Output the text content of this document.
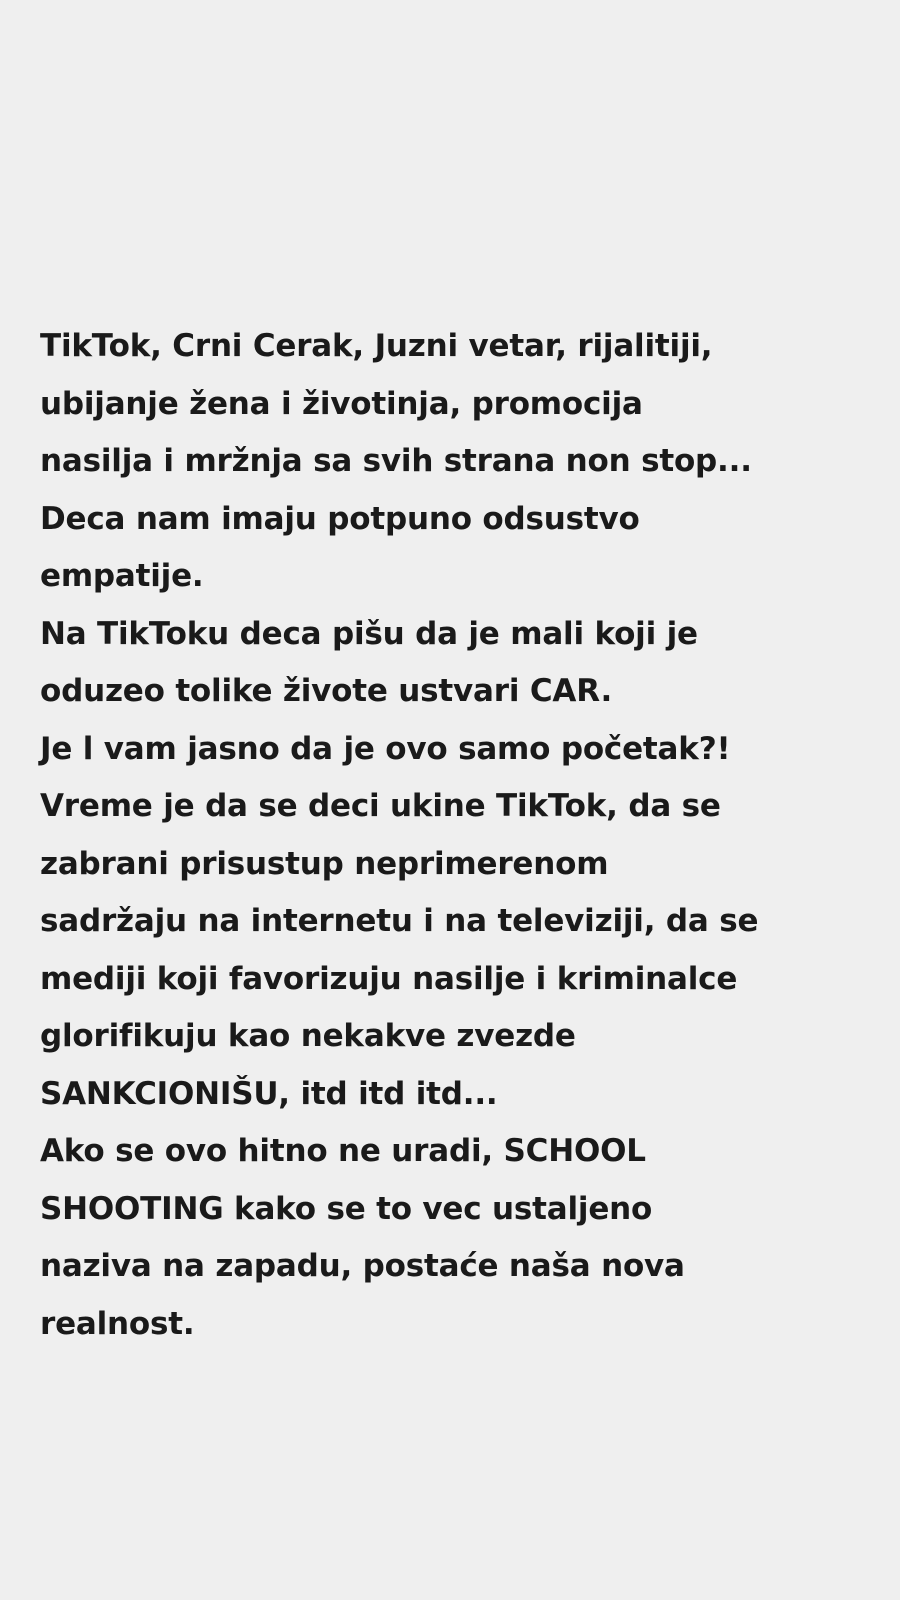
TikTok, Crni Cerak, Juzni vetar, rijalitiji,
ubijanje žena i životinja, promocija
nasilja i mržnja sa svih strana non stop...
Deca nam imaju potpuno odsustvo
empatije.
Na TikToku deca pišu da je mali koji je
oduzeo tolike živote ustvari CAR.
Je l vam jasno da je ovo samo početak?!
Vreme je da se deci ukine TikTok, da se
zabrani prisustup neprimerenom
sadržaju na internetu i na televiziji, da se
mediji koji favorizuju nasilje i kriminalce
glorifikuju kao nekakve zvezde
SANKCIONIŠU, itd itd itd...
Ako se ovo hitno ne uradi, SCHOOL
SHOOTING kako se to vec ustaljeno
naziva na zapadu, postaće naša nova
realnost.
